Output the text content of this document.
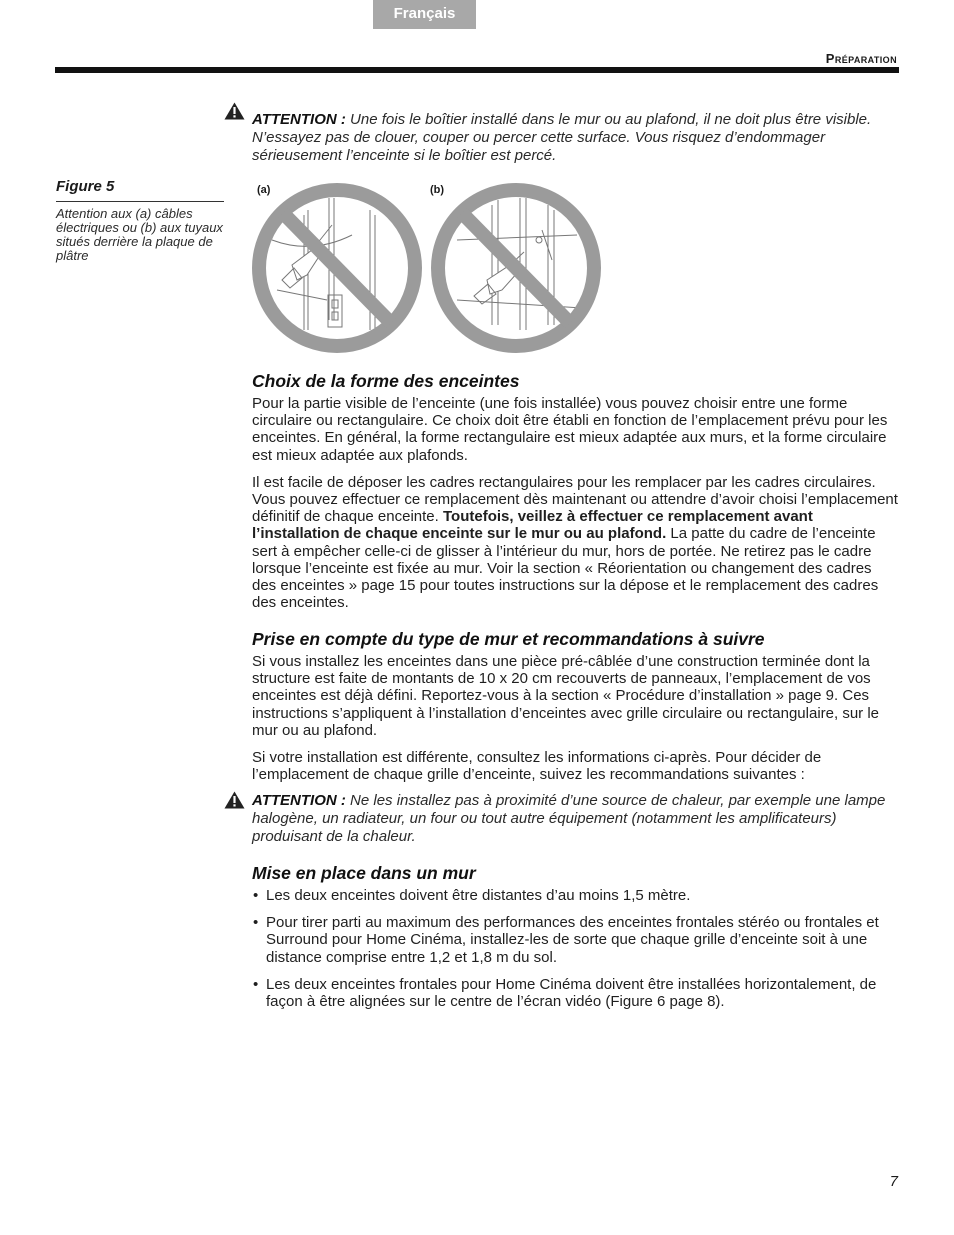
Français
Préparation
ATTENTION : Une fois le boîtier installé dans le mur ou au plafond, il ne doit plus être visible. N’essayez pas de clouer, couper ou percer cette surface. Vous risquez d’endommager sérieusement l’enceinte si le boîtier est percé.
Figure 5
Attention aux (a) câbles électriques ou (b) aux tuyaux situés derrière la plaque de plâtre
(a)	(b)
Choix de la forme des enceintes

Pour la partie visible de l’enceinte (une fois installée) vous pouvez choisir entre une forme circulaire ou rectangulaire. Ce choix doit être établi en fonction de l’emplacement prévu pour les enceintes. En général, la forme rectangulaire est mieux adaptée aux murs, et la forme circulaire est mieux adaptée aux plafonds.

Il est facile de déposer les cadres rectangulaires pour les remplacer par les cadres circulaires. Vous pouvez effectuer ce remplacement dès maintenant ou attendre d’avoir choisi l’emplacement définitif de chaque enceinte. Toutefois, veillez à effectuer ce remplacement avant l’installation de chaque enceinte sur le mur ou au plafond. La patte du cadre de l’enceinte sert à empêcher celle-ci de glisser à l’intérieur du mur, hors de portée. Ne retirez pas le cadre lorsque l’enceinte est fixée au mur. Voir la section « Réorientation ou changement des cadres des enceintes » page 15 pour toutes instructions sur la dépose et le remplacement des cadres des enceintes.

Prise en compte du type de mur et recommandations à suivre

Si vous installez les enceintes dans une pièce pré-câblée d’une construction terminée dont la structure est faite de montants de 10 x 20 cm recouverts de panneaux, l’emplacement de vos enceintes est déjà défini. Reportez-vous à la section « Procédure d’installation » page 9. Ces instructions s’appliquent à l’installation d’enceintes avec grille circulaire ou rectangulaire, sur le mur ou au plafond.

Si votre installation est différente, consultez les informations ci-après. Pour décider de l’emplacement de chaque grille d’enceinte, suivez les recommandations suivantes :

ATTENTION : Ne les installez pas à proximité d’une source de chaleur, par exemple une lampe halogène, un radiateur, un four ou tout autre équipement (notamment les amplificateurs) produisant de la chaleur.
Mise en place dans un mur
• Les deux enceintes doivent être distantes d’au moins 1,5 mètre.
• Pour tirer parti au maximum des performances des enceintes frontales stéréo ou frontales et Surround pour Home Cinéma, installez-les de sorte que chaque grille d’enceinte soit à une distance comprise entre 1,2 et 1,8 m du sol.
• Les deux enceintes frontales pour Home Cinéma doivent être installées horizontalement, de façon à être alignées sur le centre de l’écran vidéo (Figure 6 page 8).
7
